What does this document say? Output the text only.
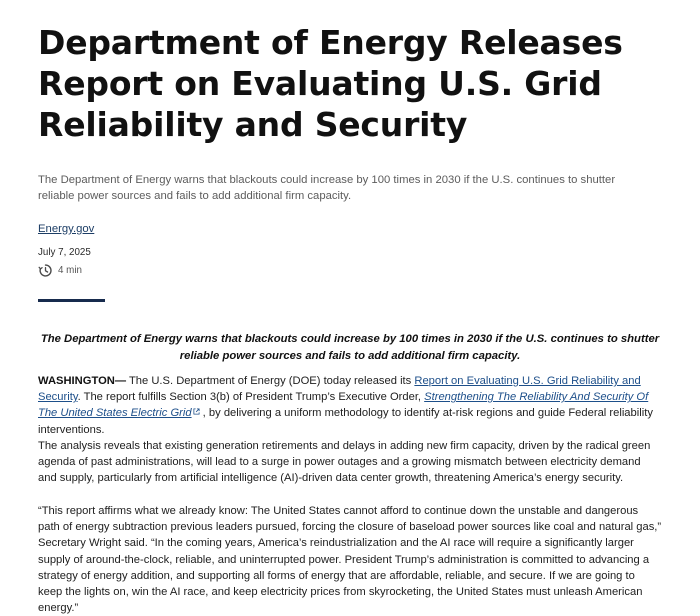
Department of Energy Releases Report on Evaluating U.S. Grid Reliability and Security

The Department of Energy warns that blackouts could increase by 100 times in 2030 if the U.S. continues to shutter reliable power sources and fails to add additional firm capacity.

Energy.gov
July 7, 2025
4 min

The Department of Energy warns that blackouts could increase by 100 times in 2030 if the U.S. continues to shutter reliable power sources and fails to add additional firm capacity.

WASHINGTON— The U.S. Department of Energy (DOE) today released its Report on Evaluating U.S. Grid Reliability and Security. The report fulfills Section 3(b) of President Trump’s Executive Order, Strengthening The Reliability And Security Of The United States Electric Grid , by delivering a uniform methodology to identify at-risk regions and guide Federal reliability interventions.

The analysis reveals that existing generation retirements and delays in adding new firm capacity, driven by the radical green agenda of past administrations, will lead to a surge in power outages and a growing mismatch between electricity demand and supply, particularly from artificial intelligence (AI)-driven data center growth, threatening America’s energy security.

“This report affirms what we already know: The United States cannot afford to continue down the unstable and dangerous path of energy subtraction previous leaders pursued, forcing the closure of baseload power sources like coal and natural gas,” Secretary Wright said. “In the coming years, America’s reindustrialization and the AI race will require a significantly larger supply of around-the-clock, reliable, and uninterrupted power. President Trump’s administration is committed to advancing a strategy of energy addition, and supporting all forms of energy that are affordable, reliable, and secure. If we are going to keep the lights on, win the AI race, and keep electricity prices from skyrocketing, the United States must unleash American energy.”
